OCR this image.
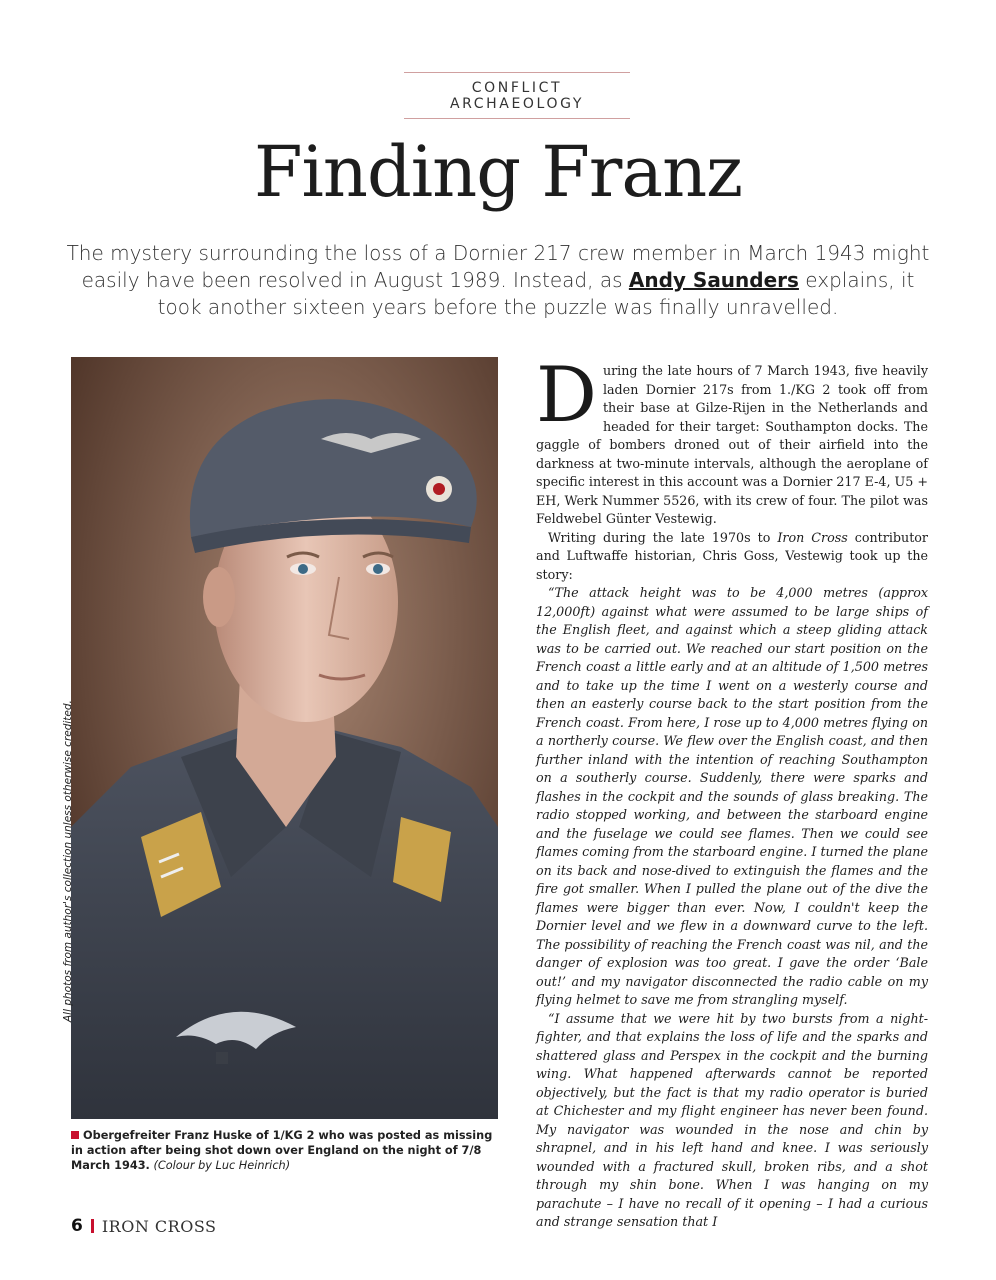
CONFLICT ARCHAEOLOGY
Finding Franz
The mystery surrounding the loss of a Dornier 217 crew member in March 1943 might easily have been resolved in August 1989. Instead, as Andy Saunders explains, it took another sixteen years before the puzzle was finally unravelled.
All photos from author's collection unless otherwise credited.
Obergefreiter Franz Huske of 1/KG 2 who was posted as missing in action after being shot down over England on the night of 7/8 March 1943. (Colour by Luc Heinrich)

During the late hours of 7 March 1943, five heavily laden Dornier 217s from 1./KG 2 took off from their base at Gilze-Rijen in the Netherlands and headed for their target: Southampton docks. The gaggle of bombers droned out of their airfield into the darkness at two-minute intervals, although the aeroplane of specific interest in this account was a Dornier 217 E-4, U5 + EH, Werk Nummer 5526, with its crew of four. The pilot was Feldwebel Günter Vestewig.

Writing during the late 1970s to Iron Cross contributor and Luftwaffe historian, Chris Goss, Vestewig took up the story:

“The attack height was to be 4,000 metres (approx 12,000ft) against what were assumed to be large ships of the English fleet, and against which a steep gliding attack was to be carried out. We reached our start position on the French coast a little early and at an altitude of 1,500 metres and to take up the time I went on a westerly course and then an easterly course back to the start position from the French coast. From here, I rose up to 4,000 metres flying on a northerly course. We flew over the English coast, and then further inland with the intention of reaching Southampton on a southerly course. Suddenly, there were sparks and flashes in the cockpit and the sounds of glass breaking. The radio stopped working, and between the starboard engine and the fuselage we could see flames. Then we could see flames coming from the starboard engine. I turned the plane on its back and nose-dived to extinguish the flames and the fire got smaller. When I pulled the plane out of the dive the flames were bigger than ever. Now, I couldn't keep the Dornier level and we flew in a downward curve to the left. The possibility of reaching the French coast was nil, and the danger of explosion was too great. I gave the order ‘Bale out!’ and my navigator disconnected the radio cable on my flying helmet to save me from strangling myself.

“I assume that we were hit by two bursts from a night-fighter, and that explains the loss of life and the sparks and shattered glass and Perspex in the cockpit and the burning wing. What happened afterwards cannot be reported objectively, but the fact is that my radio operator is buried at Chichester and my flight engineer has never been found. My navigator was wounded in the nose and chin by shrapnel, and in his left hand and knee. I was seriously wounded with a fractured skull, broken ribs, and a shot through my shin bone. When I was hanging on my parachute – I have no recall of it opening – I had a curious and strange sensation that I

6 IRON CROSS
